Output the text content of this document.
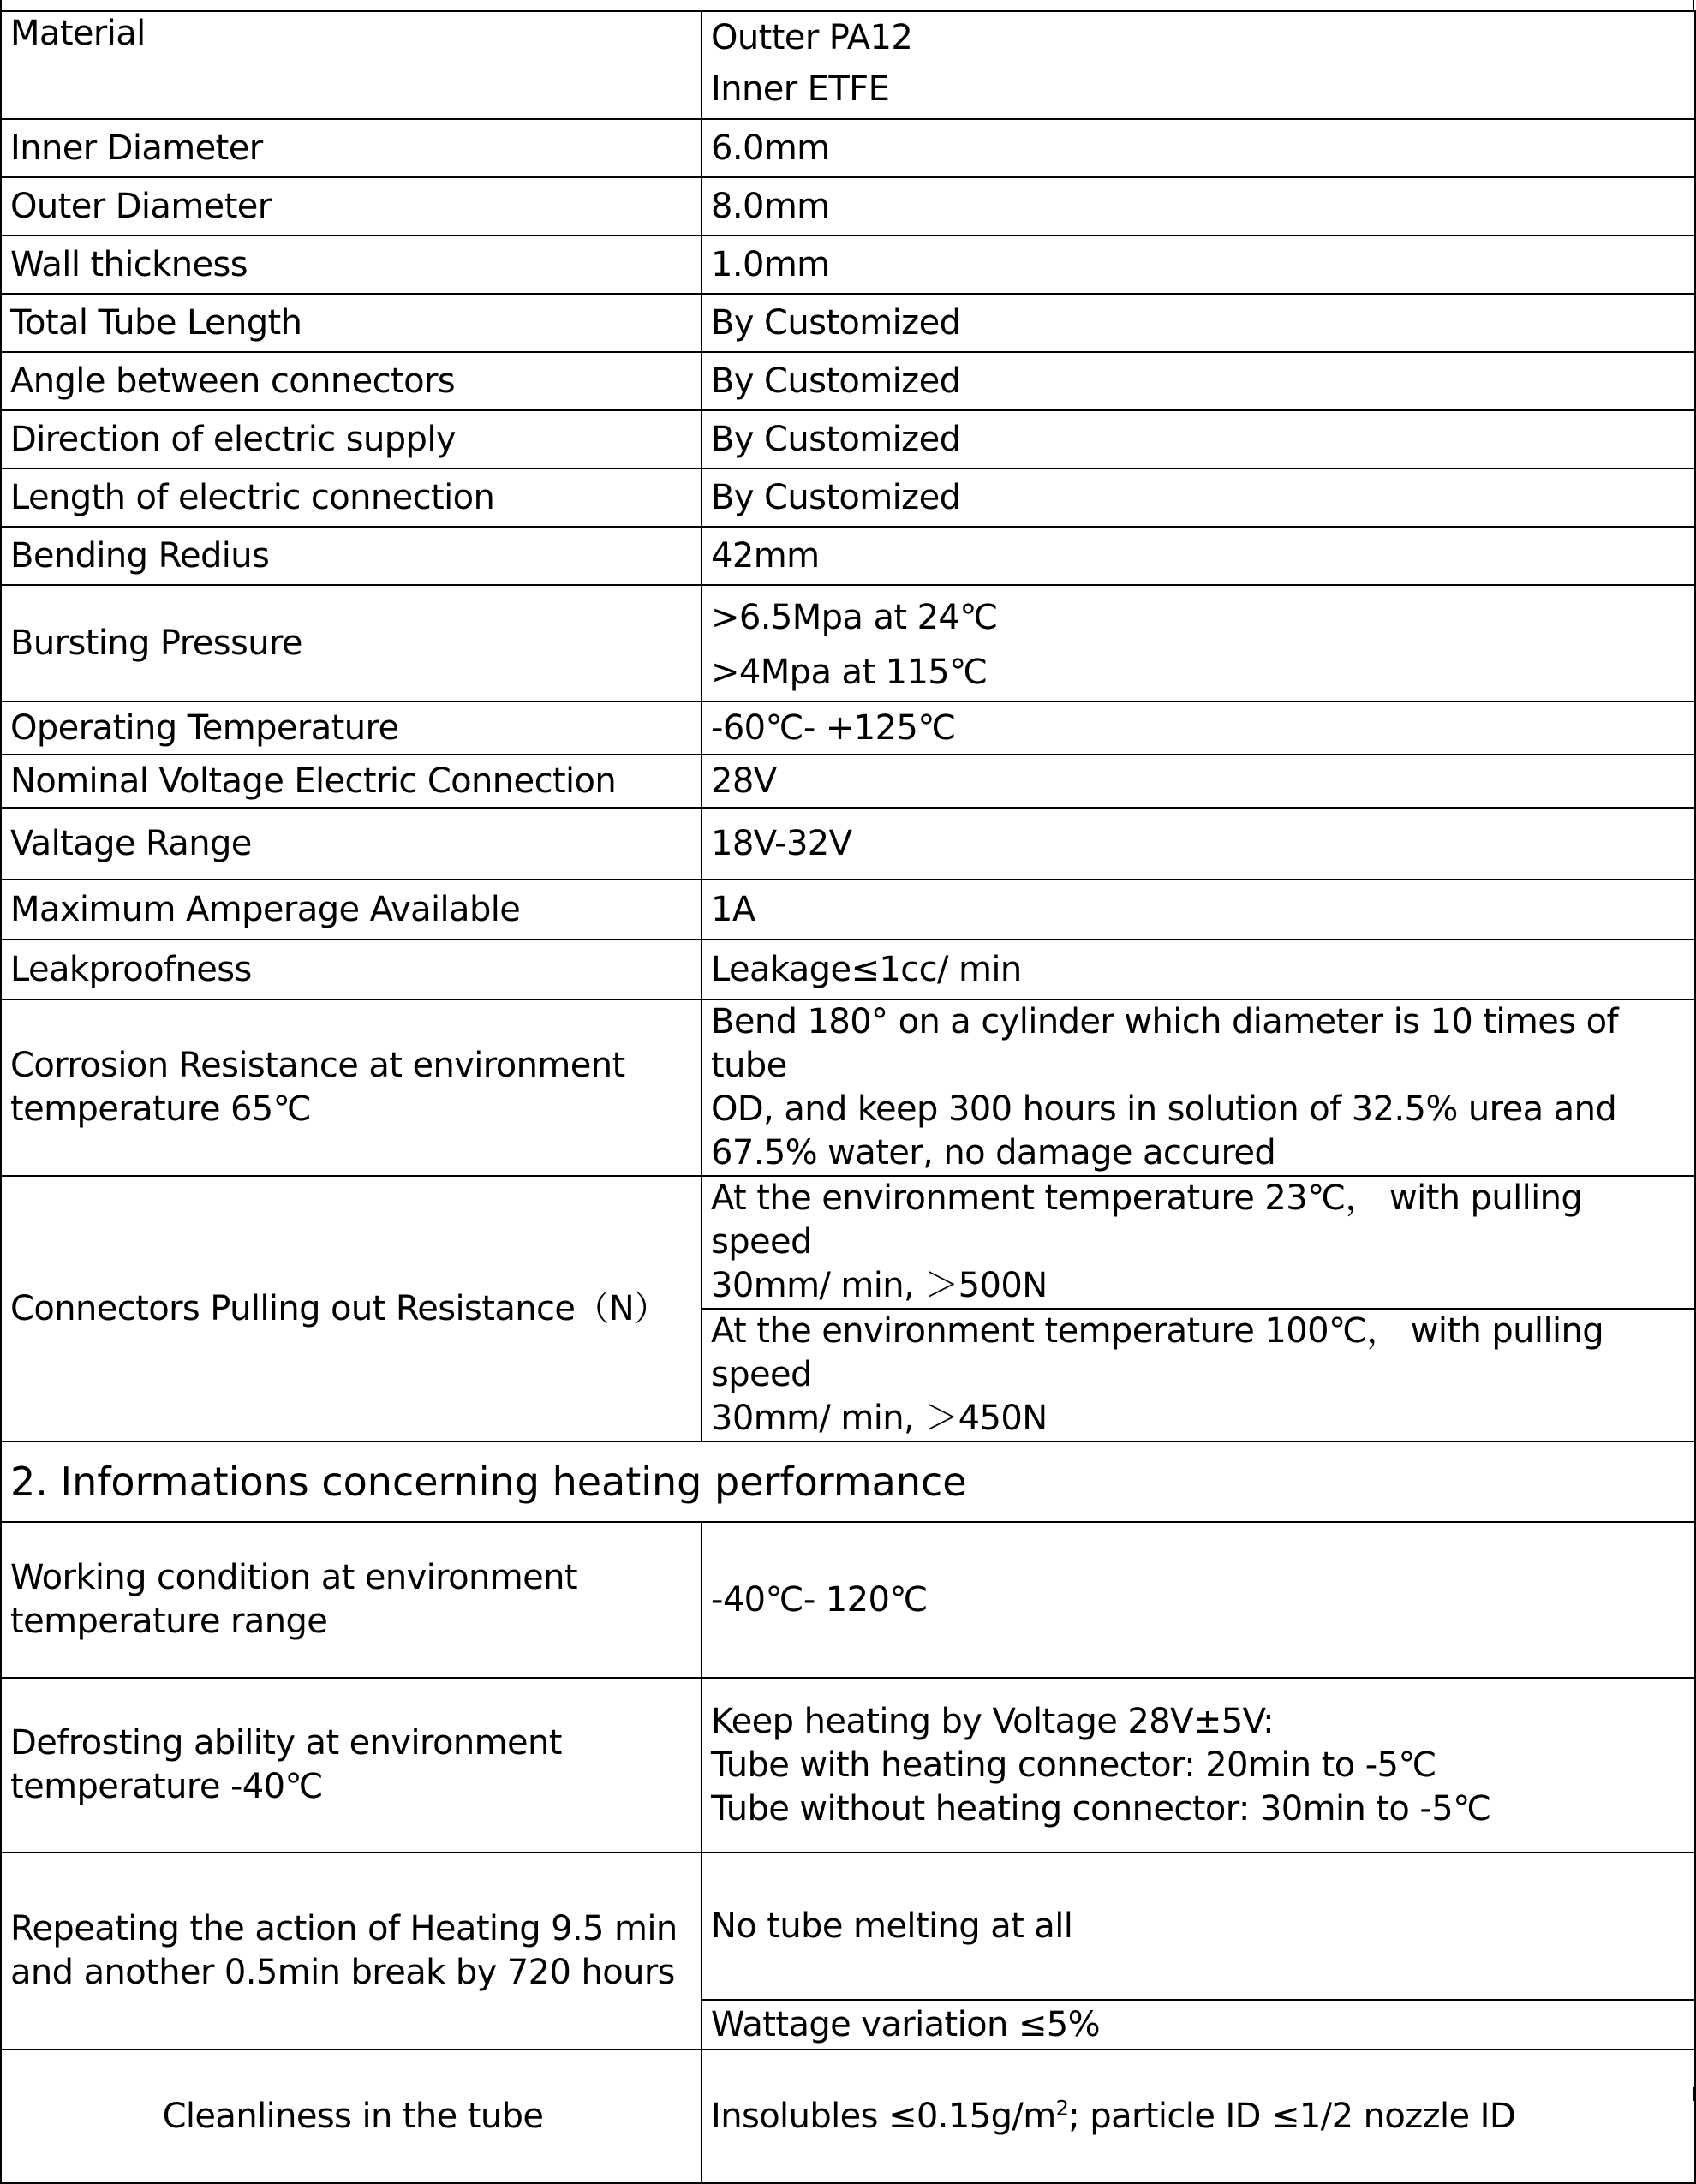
Material	Outter PA12
Inner ETFE

Inner Diameter	6.0mm
Outer Diameter	8.0mm
Wall thickness	1.0mm
Total Tube Length	By Customized
Angle between connectors	By Customized
Direction of electric supply	By Customized
Length of electric connection	By Customized
Bending Redius	42mm
Bursting Pressure	>6.5Mpa at 24℃
>4Mpa at 115℃

Operating Temperature	-60℃- +125℃
Nominal Voltage Electric Connection	28V
Valtage Range	18V-32V
Maximum Amperage Available	1A
Leakproofness	Leakage≤1cc/ min

Corrosion Resistance at environment
temperature 65℃	Bend 180° on a cylinder which diameter is 10 times of tube
OD, and keep 300 hours in solution of 32.5% urea and
67.5% water, no damage accured

Connectors Pulling out Resistance（N）	At the environment temperature 23℃， with pulling speed
30mm/ min, ＞500N

	At the environment temperature 100℃， with pulling speed
30mm/ min, ＞450N

2. Informations concerning heating performance	

Working condition at environment
temperature range	-40℃- 120℃

Defrosting ability at environment
temperature -40℃	Keep heating by Voltage 28V±5V:
Tube with heating connector: 20min to -5℃
Tube without heating connector: 30min to -5℃

Repeating the action of Heating 9.5 min
and another 0.5min break by 720 hours	No tube melting at all
	Wattage variation ≤5%
Cleanliness in the tube	Insolubles $\le 0.15g/m^2$; particle ID ≤1/2 nozzle ID
